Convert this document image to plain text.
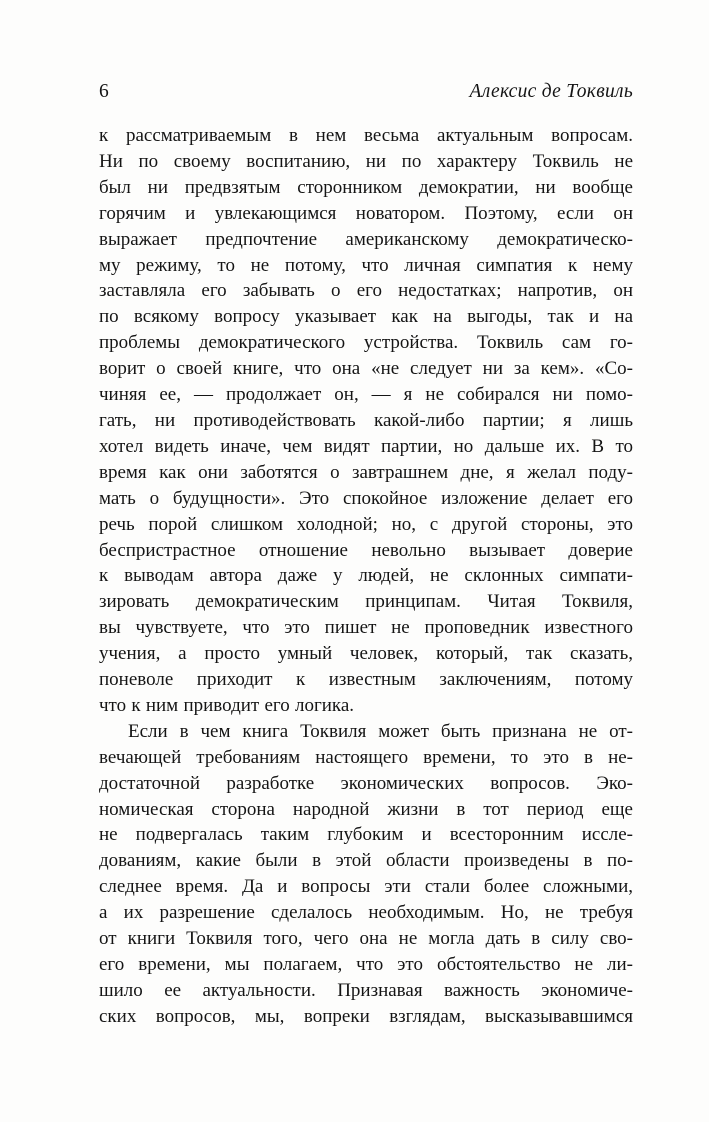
6	Алексис де Токвиль
к рассматриваемым в нем весьма актуальным вопросам.
Ни по своему воспитанию, ни по характеру Токвиль не
был ни предвзятым сторонником демократии, ни вообще
горячим и увлекающимся новатором. Поэтому, если он
выражает предпочтение американскому демократическо-
му режиму, то не потому, что личная симпатия к нему
заставляла его забывать о его недостатках; напротив, он
по всякому вопросу указывает как на выгоды, так и на
проблемы демократического устройства. Токвиль сам го-
ворит о своей книге, что она «не следует ни за кем». «Со-
чиняя ее, — продолжает он, — я не собирался ни помо-
гать, ни противодействовать какой-либо партии; я лишь
хотел видеть иначе, чем видят партии, но дальше их. В то
время как они заботятся о завтрашнем дне, я желал поду-
мать о будущности». Это спокойное изложение делает его
речь порой слишком холодной; но, с другой стороны, это
беспристрастное отношение невольно вызывает доверие
к выводам автора даже у людей, не склонных симпати-
зировать демократическим принципам. Читая Токвиля,
вы чувствуете, что это пишет не проповедник известного
учения, а просто умный человек, который, так сказать,
поневоле приходит к известным заключениям, потому
что к ним приводит его логика.
Если в чем книга Токвиля может быть признана не от-
вечающей требованиям настоящего времени, то это в не-
достаточной разработке экономических вопросов. Эко-
номическая сторона народной жизни в тот период еще
не подвергалась таким глубоким и всесторонним иссле-
дованиям, какие были в этой области произведены в по-
следнее время. Да и вопросы эти стали более сложными,
а их разрешение сделалось необходимым. Но, не требуя
от книги Токвиля того, чего она не могла дать в силу сво-
его времени, мы полагаем, что это обстоятельство не ли-
шило ее актуальности. Признавая важность экономиче-
ских вопросов, мы, вопреки взглядам, высказывавшимся
